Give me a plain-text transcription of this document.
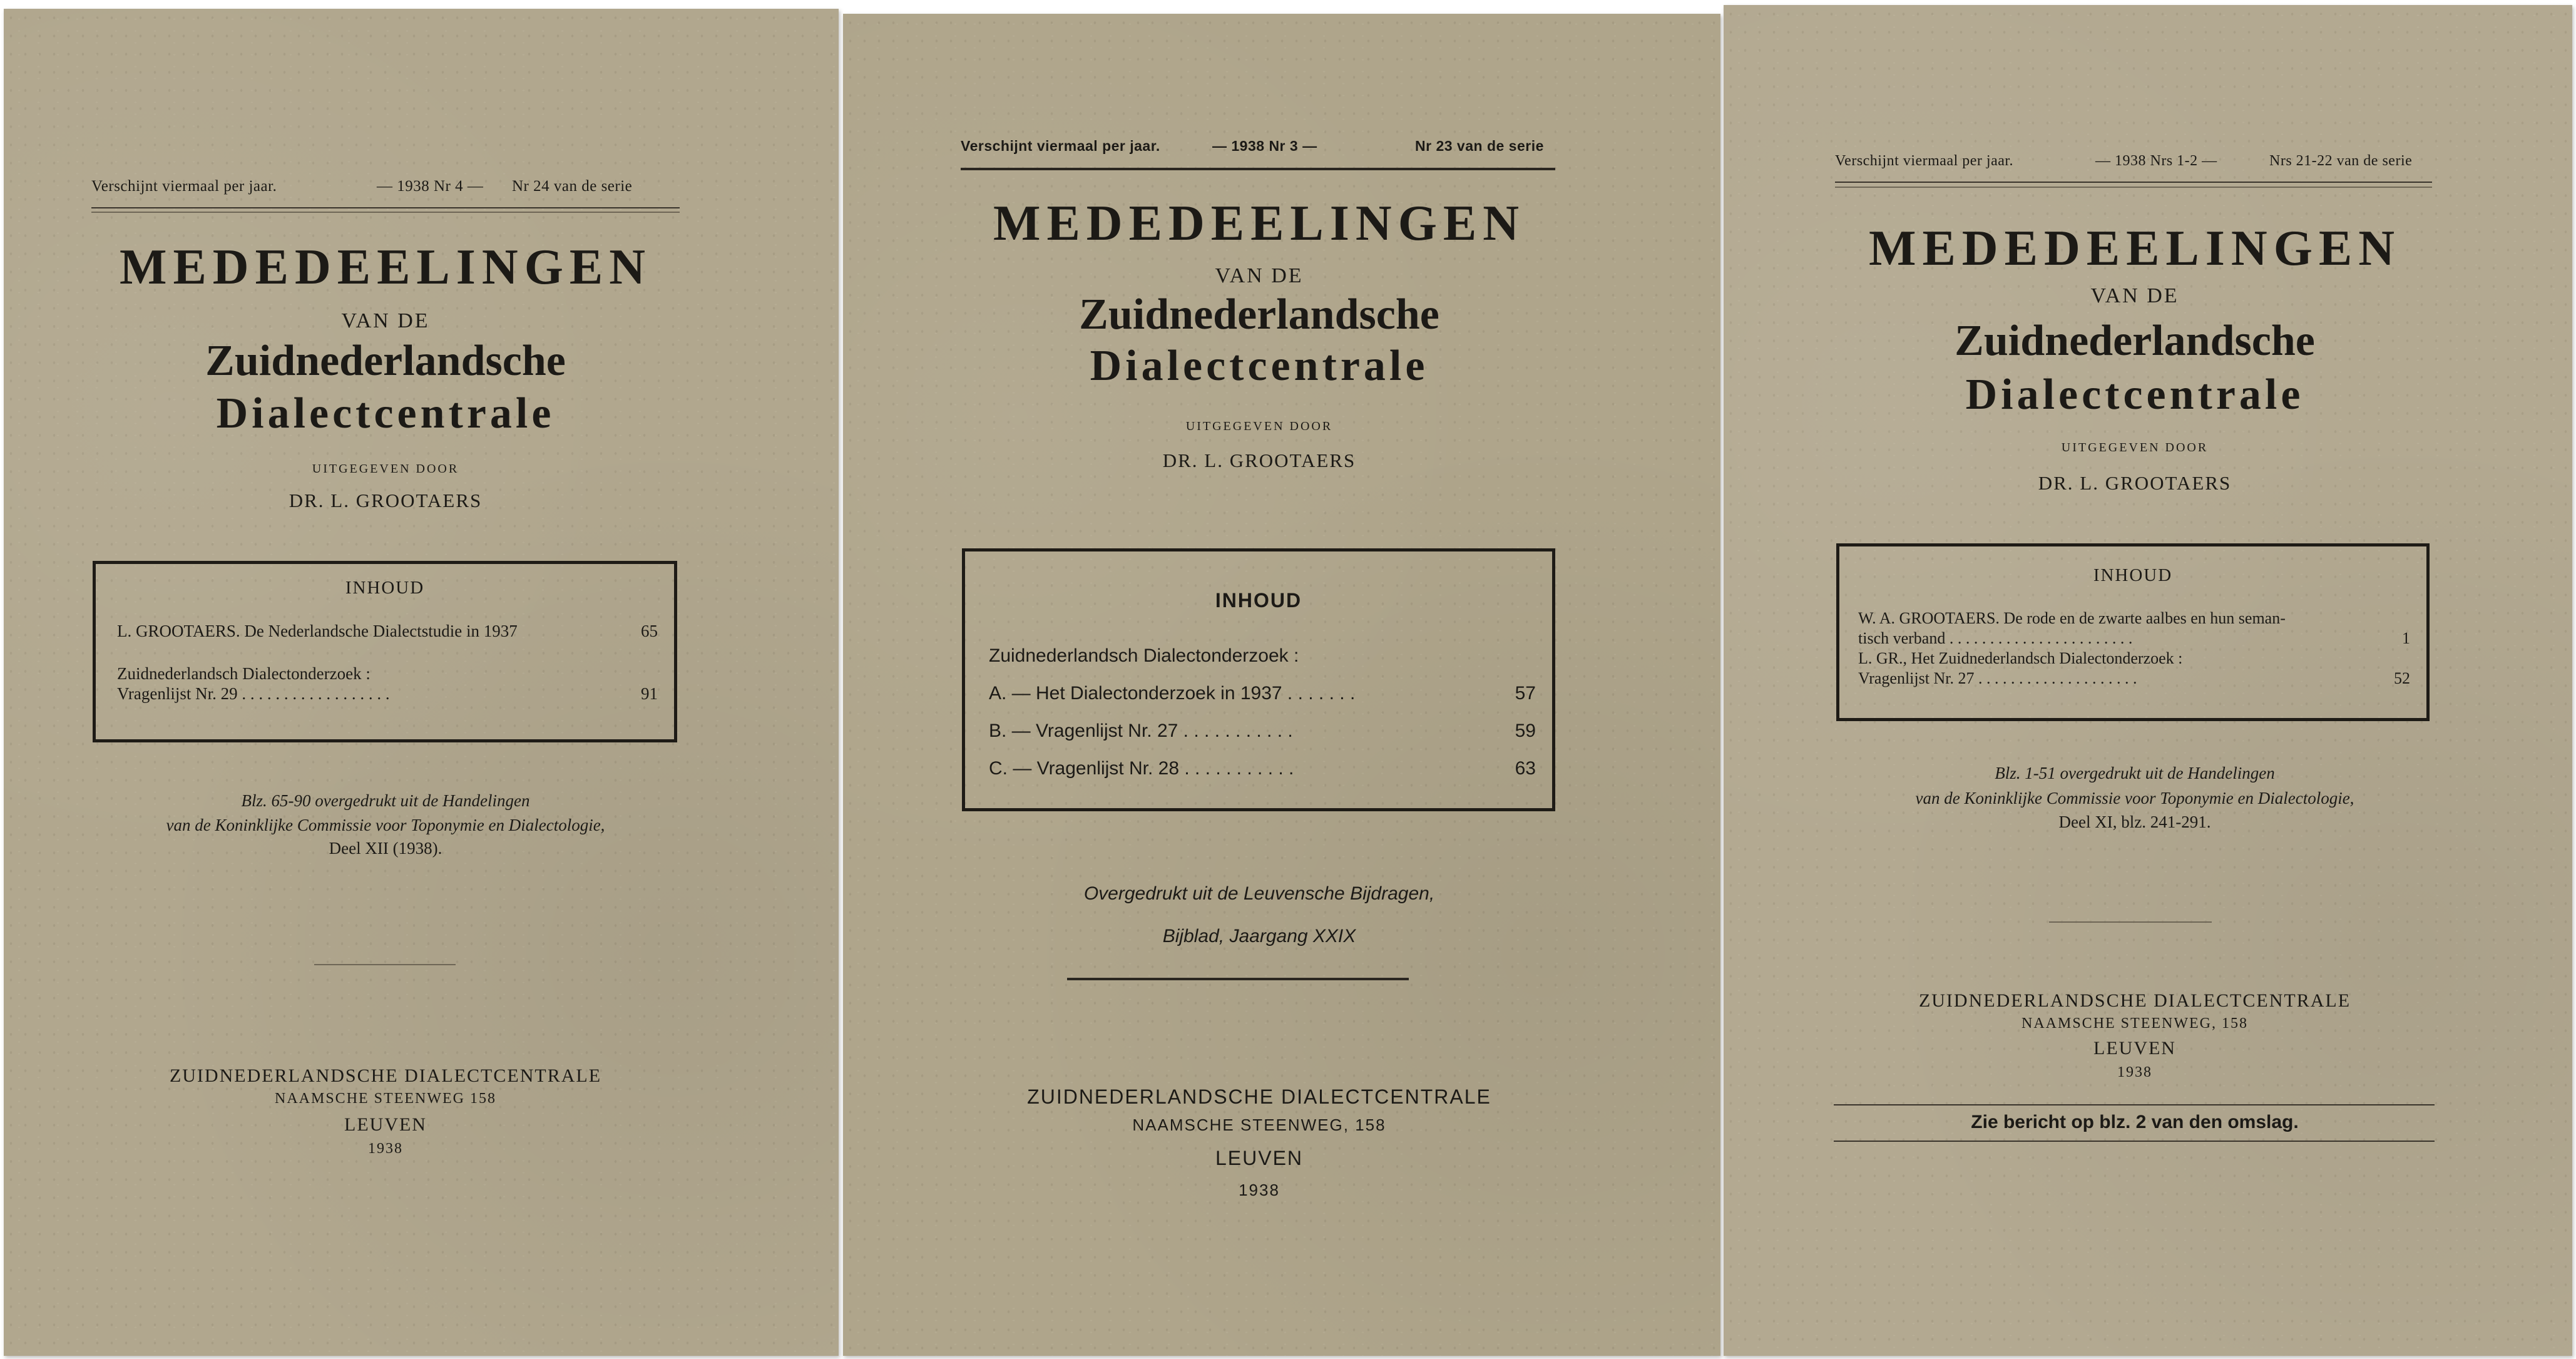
Verschijnt viermaal per jaar.	— 1938 Nr 4 — Nr 24 van de serie

MEDEDEELINGEN

VAN DE

Zuidnederlandsche

Dialectcentrale

UITGEGEVEN DOOR

DR. L. GROOTAERS

INHOUD

L. GROOTAERS. De Nederlandsche Dialectstudie in 1937	65

Zuidnederlandsch Dialectonderzoek :

Vragenlijst Nr. 29 . . . . . . . . . . . . . . . . . .	91

Blz. 65-90 overgedrukt uit de Handelingen

van de Koninklijke Commissie voor Toponymie en Dialectologie,

Deel XII (1938).

ZUIDNEDERLANDSCHE DIALECTCENTRALE

NAAMSCHE STEENWEG 158

LEUVEN

1938

Verschijnt viermaal per jaar.	— 1938 Nr 3 —	Nr 23 van de serie

MEDEDEELINGEN

VAN DE

Zuidnederlandsche

Dialectcentrale

UITGEGEVEN DOOR

DR. L. GROOTAERS

INHOUD

Zuidnederlandsch Dialectonderzoek :

A. — Het Dialectonderzoek in 1937 . . . . . . .	57

B. — Vragenlijst Nr. 27 . . . . . . . . . . .	59

C. — Vragenlijst Nr. 28 . . . . . . . . . . .	63

Overgedrukt uit de Leuvensche Bijdragen,

Bijblad, Jaargang XXIX

ZUIDNEDERLANDSCHE DIALECTCENTRALE

NAAMSCHE STEENWEG, 158

LEUVEN

1938

Verschijnt viermaal per jaar.	— 1938 Nrs 1-2 —	Nrs 21-22 van de serie

MEDEDEELINGEN

VAN DE

Zuidnederlandsche

Dialectcentrale

UITGEGEVEN DOOR

DR. L. GROOTAERS

INHOUD

W. A. GROOTAERS. De rode en de zwarte aalbes en hun seman-

tisch verband . . . . . . . . . . . . . . . . . . . . . . .	1

L. GR., Het Zuidnederlandsch Dialectonderzoek :

Vragenlijst Nr. 27 . . . . . . . . . . . . . . . . . . . .	52

Blz. 1-51 overgedrukt uit de Handelingen

van de Koninklijke Commissie voor Toponymie en Dialectologie,

Deel XI, blz. 241-291.

ZUIDNEDERLANDSCHE DIALECTCENTRALE

NAAMSCHE STEENWEG, 158

LEUVEN

1938

Zie bericht op blz. 2 van den omslag.
